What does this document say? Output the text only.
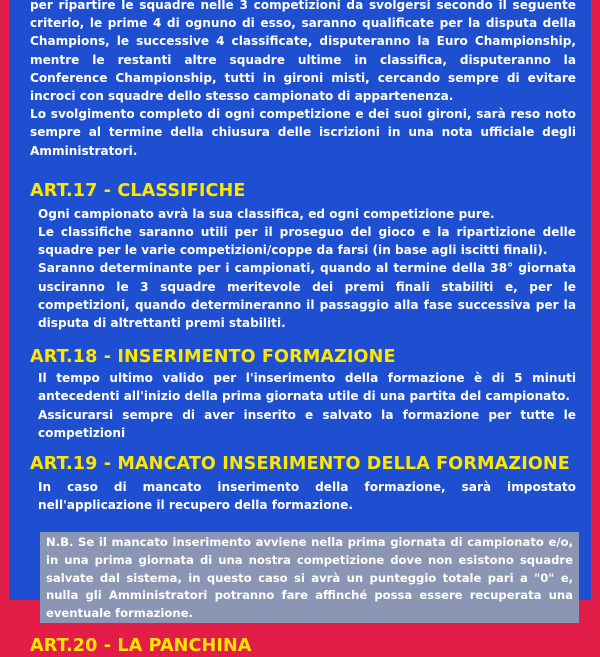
per ripartire le squadre nelle 3 competizioni da svolgersi secondo il seguente criterio, le prime 4 di ognuno di esso, saranno qualificate per la disputa della Champions, le successive 4 classificate, disputeranno la Euro Championship, mentre le restanti altre squadre ultime in classifica, disputeranno la Conference Championship, tutti in gironi misti, cercando sempre di evitare incroci con squadre dello stesso campionato di appartenenza.

Lo svolgimento completo di ogni competizione e dei suoi gironi, sarà reso noto sempre al termine della chiusura delle iscrizioni in una nota ufficiale degli Amministratori.

ART.17 - CLASSIFICHE

Ogni campionato avrà la sua classifica, ed ogni competizione pure.

Le classifiche saranno utili per il proseguo del gioco e la ripartizione delle squadre per le varie competizioni/coppe da farsi (in base agli iscitti finali).

Saranno determinante per i campionati, quando al termine della 38° giornata usciranno le 3 squadre meritevole dei premi finali stabiliti e, per le competizioni, quando determineranno il passaggio alla fase successiva per la disputa di altrettanti premi stabiliti.

ART.18 - INSERIMENTO FORMAZIONE

Il tempo ultimo valido per l'inserimento della formazione è di 5 minuti antecedenti all'inizio della prima giornata utile di una partita del campionato.

Assicurarsi sempre di aver inserito e salvato la formazione per tutte le competizioni

ART.19 - MANCATO INSERIMENTO DELLA FORMAZIONE

In caso di mancato inserimento della formazione, sarà impostato nell'applicazione il recupero della formazione.

N.B. Se il mancato inserimento avviene nella prima giornata di campionato e/o, in una prima giornata di una nostra competizione dove non esistono squadre salvate dal sistema, in questo caso si avrà un punteggio totale pari a "0" e, nulla gli Amministratori potranno fare affinché possa essere recuperata una eventuale formazione.
ART.20 - LA PANCHINA
